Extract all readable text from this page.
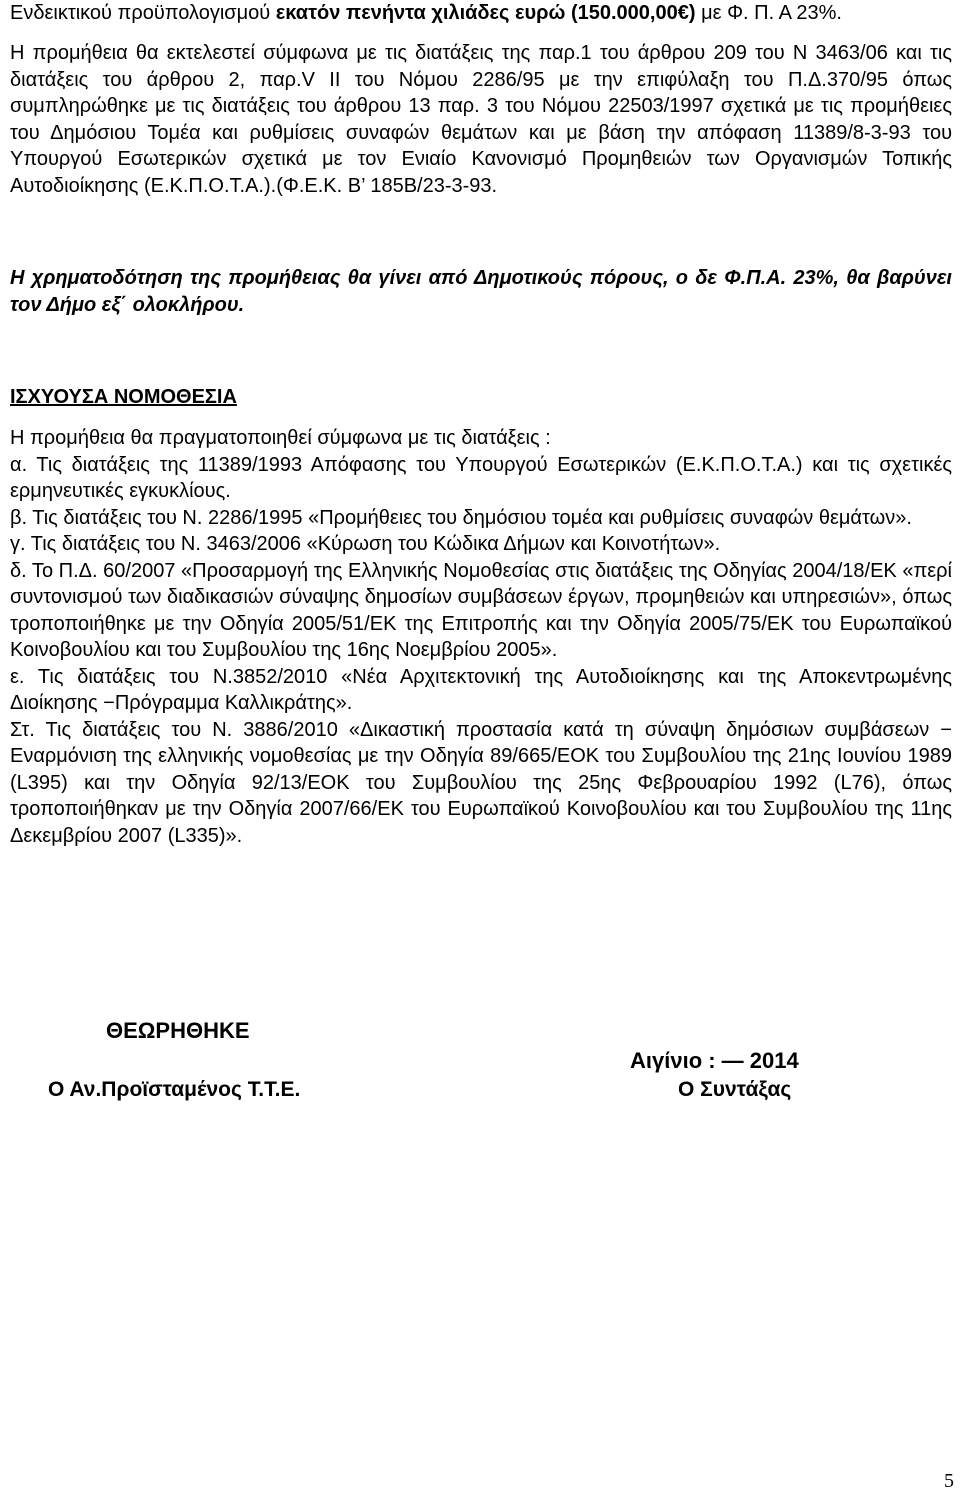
Ενδεικτικού προϋπολογισμού εκατόν πενήντα χιλιάδες ευρώ (150.000,00€) με Φ. Π. Α 23%.

Η προμήθεια θα εκτελεστεί σύμφωνα με τις διατάξεις της παρ.1 του άρθρου 209 του Ν 3463/06 και τις διατάξεις του άρθρου 2, παρ.V II του Νόμου 2286/95 με την επιφύλαξη του Π.Δ.370/95 όπως συμπληρώθηκε με τις διατάξεις του άρθρου 13 παρ. 3 του Νόμου 22503/1997 σχετικά με τις προμήθειες του Δημόσιου Τομέα και ρυθμίσεις συναφών θεμάτων και με βάση την απόφαση 11389/8-3-93 του Υπουργού Εσωτερικών σχετικά με τον Ενιαίο Κανονισμό Προμηθειών των Οργανισμών Τοπικής Αυτοδιοίκησης (Ε.Κ.Π.Ο.Τ.Α.).(Φ.Ε.Κ. Β’ 185Β/23-3-93.

Η χρηματοδότηση της προμήθειας θα γίνει από Δημοτικούς πόρους, ο δε Φ.Π.Α. 23%, θα βαρύνει τον Δήμο εξ΄ ολοκλήρου.

ΙΣΧΥΟΥΣΑ ΝΟΜΟΘΕΣΙΑ

Η προμήθεια θα πραγματοποιηθεί σύμφωνα με τις διατάξεις :

α. Τις διατάξεις της 11389/1993 Απόφασης του Υπουργού Εσωτερικών (Ε.Κ.Π.Ο.Τ.Α.) και τις σχετικές ερμηνευτικές εγκυκλίους.

β. Τις διατάξεις του Ν. 2286/1995 «Προμήθειες του δημόσιου τομέα και ρυθμίσεις συναφών θεμάτων».

γ. Τις διατάξεις του Ν. 3463/2006 «Κύρωση του Κώδικα Δήμων και Κοινοτήτων».

δ. Το Π.Δ. 60/2007 «Προσαρμογή της Ελληνικής Νομοθεσίας στις διατάξεις της Οδηγίας 2004/18/ΕΚ «περί συντονισμού των διαδικασιών σύναψης δημοσίων συμβάσεων έργων, προμηθειών και υπηρεσιών», όπως τροποποιήθηκε με την Οδηγία 2005/51/ΕΚ της Επιτροπής και την Οδηγία 2005/75/ΕΚ του Ευρωπαϊκού Κοινοβουλίου και του Συμβουλίου της 16ης Νοεμβρίου 2005».

ε. Τις διατάξεις του Ν.3852/2010 «Νέα Αρχιτεκτονική της Αυτοδιοίκησης και της Αποκεντρωμένης Διοίκησης −Πρόγραμμα Καλλικράτης».

Στ. Τις διατάξεις του Ν. 3886/2010 «Δικαστική προστασία κατά τη σύναψη δημόσιων συμβάσεων − Εναρμόνιση της ελληνικής νομοθεσίας με την Οδηγία 89/665/ΕΟΚ του Συμβουλίου της 21ης Ιουνίου 1989 (L395) και την Οδηγία 92/13/ΕΟΚ του Συμβουλίου της 25ης Φεβρουαρίου 1992 (L76), όπως τροποποιήθηκαν με την Οδηγία 2007/66/ΕΚ του Ευρωπαϊκού Κοινοβουλίου και του Συμβουλίου της 11ης Δεκεμβρίου 2007 (L335)».

ΘΕΩΡΗΘΗΚΕ
Αιγίνιο : — 2014
Ο Αν.Προϊσταμένος Τ.Τ.Ε.	Ο Συντάξας
5
